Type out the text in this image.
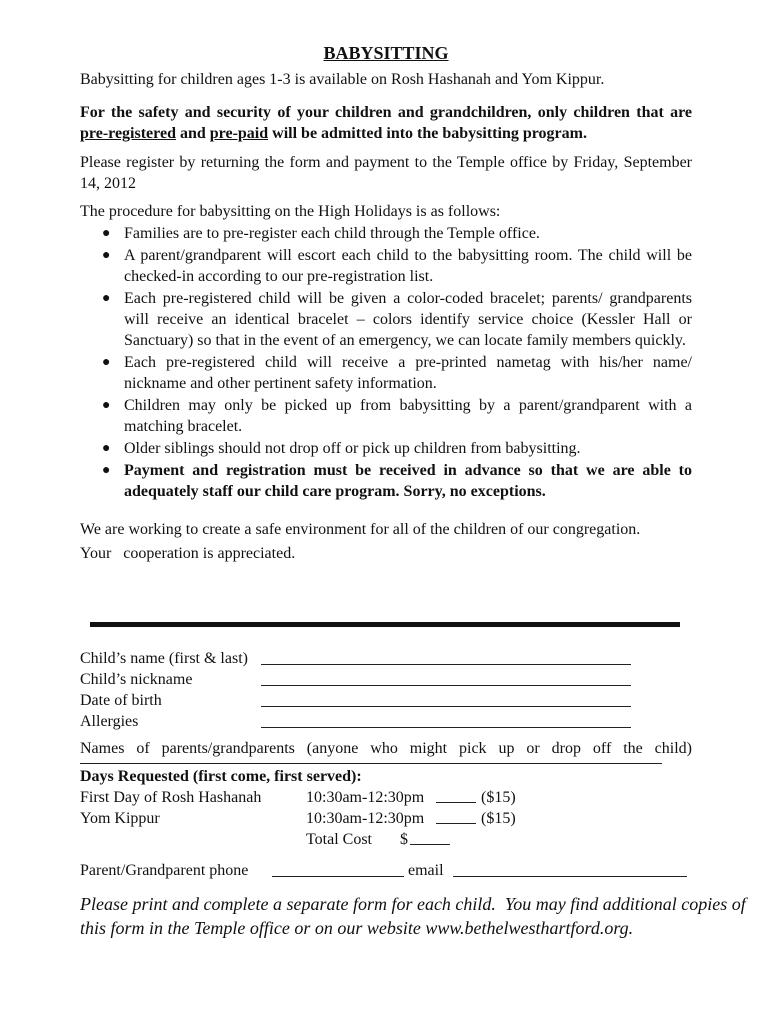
BABYSITTING

Babysitting for children ages 1-3 is available on Rosh Hashanah and Yom Kippur.

For the safety and security of your children and grandchildren, only children that are pre-registered and pre-paid will be admitted into the babysitting program.

Please register by returning the form and payment to the Temple office by Friday, September 14, 2012

The procedure for babysitting on the High Holidays is as follows:

● Families are to pre-register each child through the Temple office.
● A parent/grandparent will escort each child to the babysitting room. The child will be checked-in according to our pre-registration list.
● Each pre-registered child will be given a color-coded bracelet; parents/ grandparents will receive an identical bracelet – colors identify service choice (Kessler Hall or Sanctuary) so that in the event of an emergency, we can locate family members quickly.
● Each pre-registered child will receive a pre-printed nametag with his/her name/ nickname and other pertinent safety information.
● Children may only be picked up from babysitting by a parent/grandparent with a matching bracelet.
● Older siblings should not drop off or pick up children from babysitting.
● Payment and registration must be received in advance so that we are able to adequately staff our child care program. Sorry, no exceptions.
We are working to create a safe environment for all of the children of our congregation.
Your   cooperation is appreciated.
Child’s name (first & last)
Child’s nickname
Date of birth
Allergies
Names of parents/grandparents (anyone who might pick up or drop off the child)
Days Requested (first come, first served):
First Day of Rosh Hashanah	10:30am-12:30pm	($15)
Yom Kippur	10:30am-12:30pm	($15)
Total Cost $
Parent/Grandparent phone	email
Please print and complete a separate form for each child.  You may find additional copies of
this form in the Temple office or on our website www.bethelwesthartford.org.
